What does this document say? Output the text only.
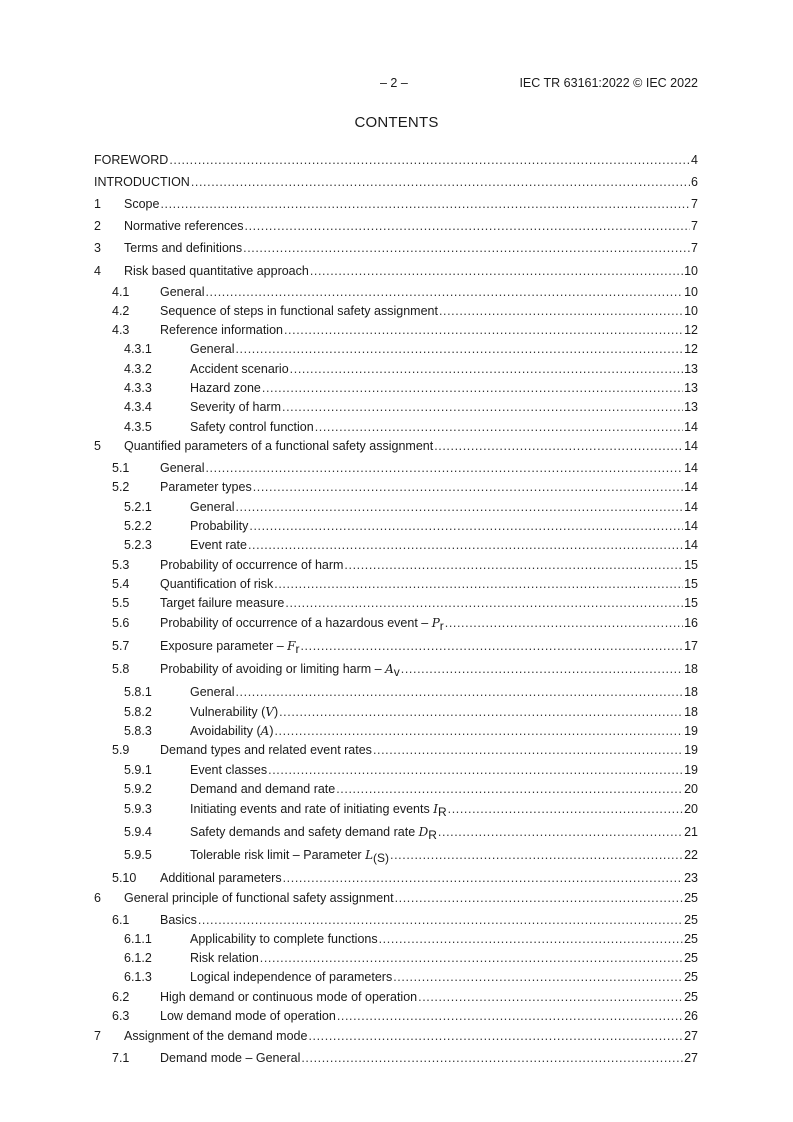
– 2 –	IEC TR 63161:2022 © IEC 2022
CONTENTS
FOREWORD .....	4
INTRODUCTION .....	6
1	Scope .....	7
2	Normative references .....	7
3	Terms and definitions .....	7
4	Risk based quantitative approach .....	10
4.1	General .....	10
4.2	Sequence of steps in functional safety assignment .....	10
4.3	Reference information .....	12
4.3.1	General .....	12
4.3.2	Accident scenario .....	13
4.3.3	Hazard zone .....	13
4.3.4	Severity of harm .....	13
4.3.5	Safety control function .....	14
5	Quantified parameters of a functional safety assignment .....	14
5.1	General .....	14
5.2	Parameter types .....	14
5.2.1	General .....	14
5.2.2	Probability .....	14
5.2.3	Event rate .....	14
5.3	Probability of occurrence of harm .....	15
5.4	Quantification of risk .....	15
5.5	Target failure measure .....	15
5.6	Probability of occurrence of a hazardous event – Pr .....	16
5.7	Exposure parameter – Fr .....	17
5.8	Probability of avoiding or limiting harm – Av .....	18
5.8.1	General .....	18
5.8.2	Vulnerability (V) .....	18
5.8.3	Avoidability (A) .....	19
5.9	Demand types and related event rates .....	19
5.9.1	Event classes .....	19
5.9.2	Demand and demand rate .....	20
5.9.3	Initiating events and rate of initiating events IR .....	20
5.9.4	Safety demands and safety demand rate DR .....	21
5.9.5	Tolerable risk limit – Parameter L(S) .....	22
5.10	Additional parameters .....	23
6	General principle of functional safety assignment .....	25
6.1	Basics .....	25
6.1.1	Applicability to complete functions .....	25
6.1.2	Risk relation .....	25
6.1.3	Logical independence of parameters .....	25
6.2	High demand or continuous mode of operation .....	25
6.3	Low demand mode of operation .....	26
7	Assignment of the demand mode .....	27
7.1	Demand mode – General .....	27
